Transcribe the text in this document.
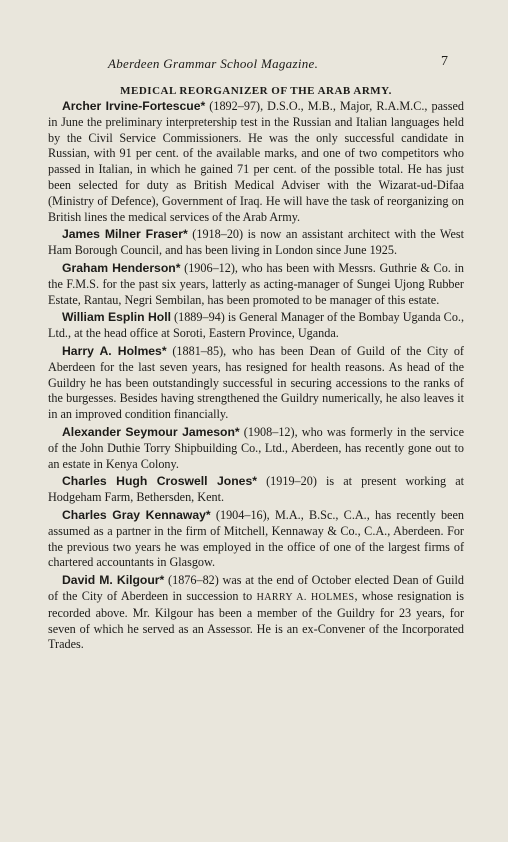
Aberdeen Grammar School Magazine.	7
MEDICAL REORGANIZER OF THE ARAB ARMY.

Archer Irvine-Fortescue* (1892–97), D.S.O., M.B., Major, R.A.M.C., passed in June the preliminary interpretership test in the Russian and Italian languages held by the Civil Service Commissioners. He was the only successful candidate in Russian, with 91 per cent. of the available marks, and one of two competitors who passed in Italian, in which he gained 71 per cent. of the possible total. He has just been selected for duty as British Medical Adviser with the Wizarat-ud-Difaa (Ministry of Defence), Government of Iraq. He will have the task of reorganizing on British lines the medical services of the Arab Army.

James Milner Fraser* (1918–20) is now an assistant architect with the West Ham Borough Council, and has been living in London since June 1925.

Graham Henderson* (1906–12), who has been with Messrs. Guthrie & Co. in the F.M.S. for the past six years, latterly as acting-manager of Sungei Ujong Rubber Estate, Rantau, Negri Sembilan, has been promoted to be manager of this estate.

William Esplin Holl (1889–94) is General Manager of the Bombay Uganda Co., Ltd., at the head office at Soroti, Eastern Province, Uganda.

Harry A. Holmes* (1881–85), who has been Dean of Guild of the City of Aberdeen for the last seven years, has resigned for health reasons. As head of the Guildry he has been outstandingly successful in securing accessions to the ranks of the burgesses. Besides having strengthened the Guildry numerically, he also leaves it in an improved condition financially.

Alexander Seymour Jameson* (1908–12), who was formerly in the service of the John Duthie Torry Shipbuilding Co., Ltd., Aberdeen, has recently gone out to an estate in Kenya Colony.

Charles Hugh Croswell Jones* (1919–20) is at present working at Hodgeham Farm, Bethersden, Kent.

Charles Gray Kennaway* (1904–16), M.A., B.Sc., C.A., has recently been assumed as a partner in the firm of Mitchell, Kennaway & Co., C.A., Aberdeen. For the previous two years he was employed in the office of one of the largest firms of chartered accountants in Glasgow.

David M. Kilgour* (1876–82) was at the end of October elected Dean of Guild of the City of Aberdeen in succession to HARRY A. HOLMES, whose resignation is recorded above. Mr. Kilgour has been a member of the Guildry for 23 years, for seven of which he served as an Assessor. He is an ex-Convener of the Incorporated Trades.
